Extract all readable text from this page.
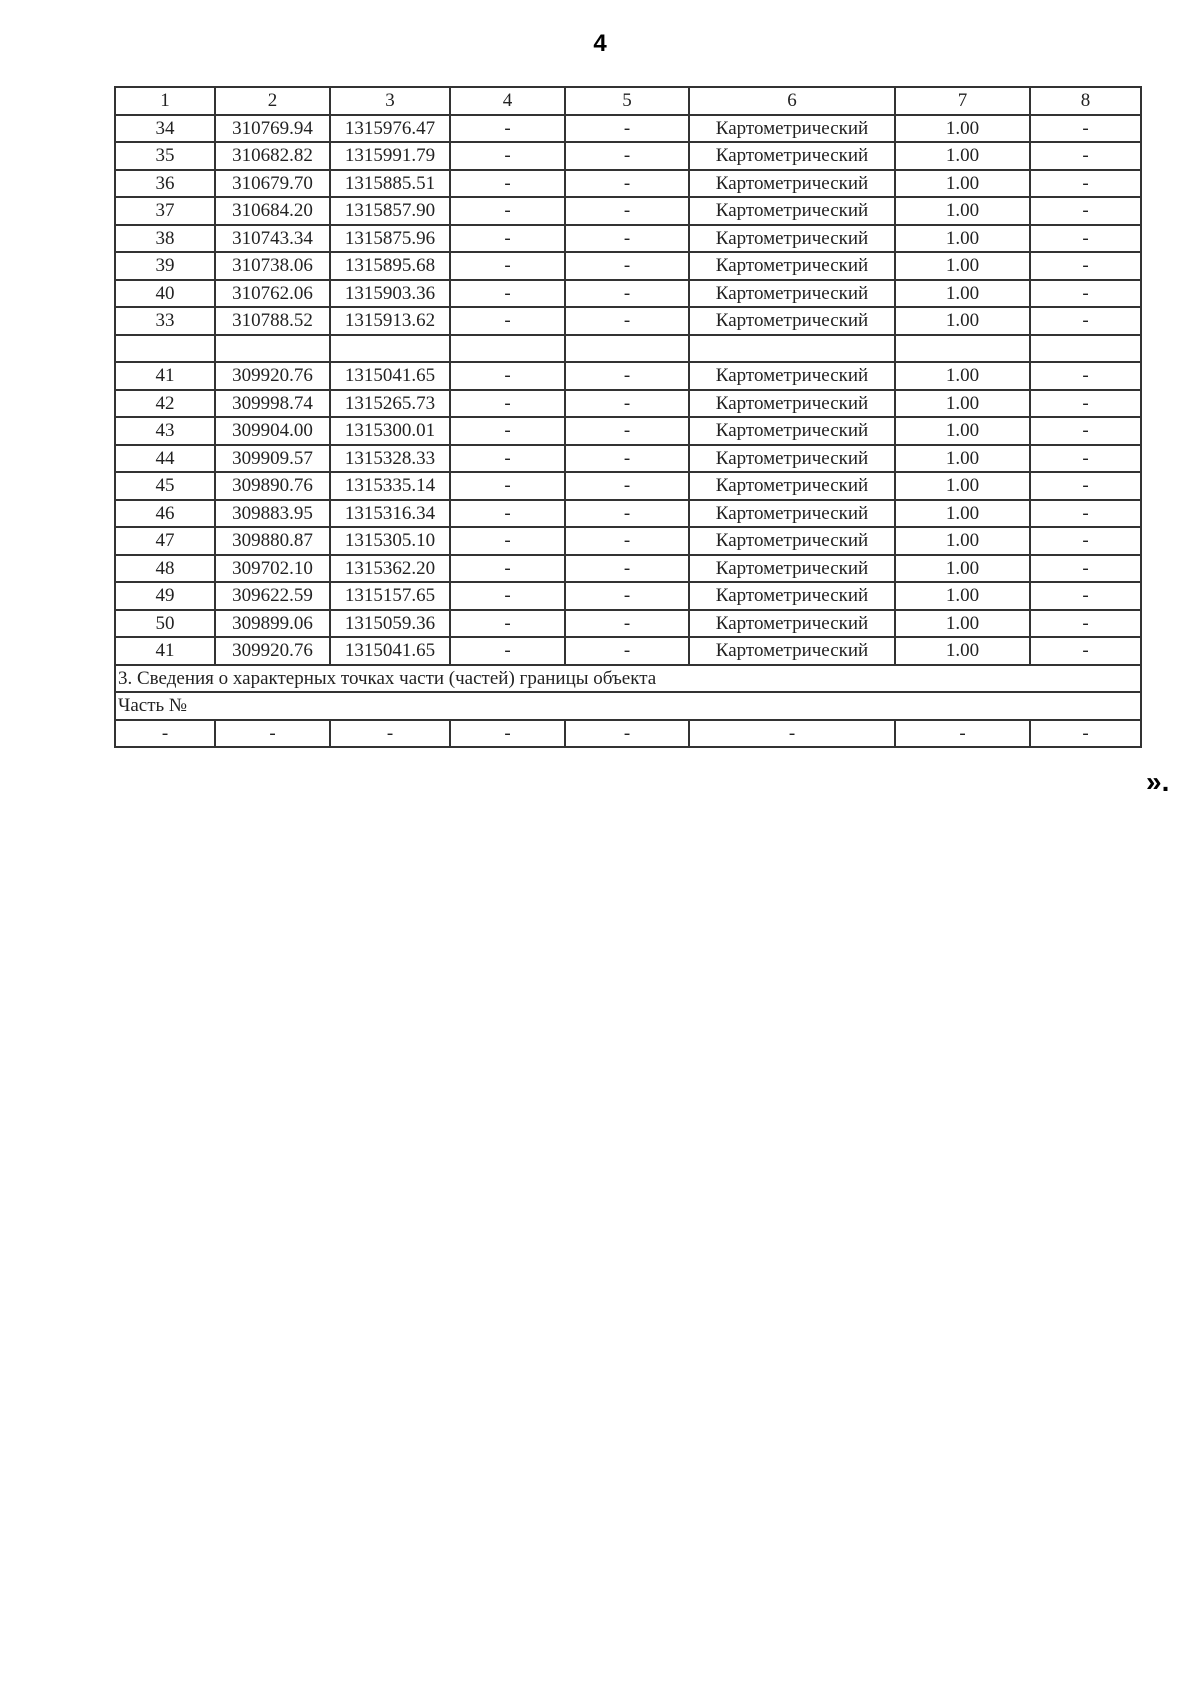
4
1	2	3	4	5	6	7	8
34	310769.94	1315976.47	-	-	Картометрический	1.00	-
35	310682.82	1315991.79	-	-	Картометрический	1.00	-
36	310679.70	1315885.51	-	-	Картометрический	1.00	-
37	310684.20	1315857.90	-	-	Картометрический	1.00	-
38	310743.34	1315875.96	-	-	Картометрический	1.00	-
39	310738.06	1315895.68	-	-	Картометрический	1.00	-
40	310762.06	1315903.36	-	-	Картометрический	1.00	-
33	310788.52	1315913.62	-	-	Картометрический	1.00	-

41	309920.76	1315041.65	-	-	Картометрический	1.00	-
42	309998.74	1315265.73	-	-	Картометрический	1.00	-
43	309904.00	1315300.01	-	-	Картометрический	1.00	-
44	309909.57	1315328.33	-	-	Картометрический	1.00	-
45	309890.76	1315335.14	-	-	Картометрический	1.00	-
46	309883.95	1315316.34	-	-	Картометрический	1.00	-
47	309880.87	1315305.10	-	-	Картометрический	1.00	-
48	309702.10	1315362.20	-	-	Картометрический	1.00	-
49	309622.59	1315157.65	-	-	Картометрический	1.00	-
50	309899.06	1315059.36	-	-	Картометрический	1.00	-
41	309920.76	1315041.65	-	-	Картометрический	1.00	-
3. Сведения о характерных точках части (частей) границы объекта							
Часть №							
-	-	-	-	-	-	-	-
».
